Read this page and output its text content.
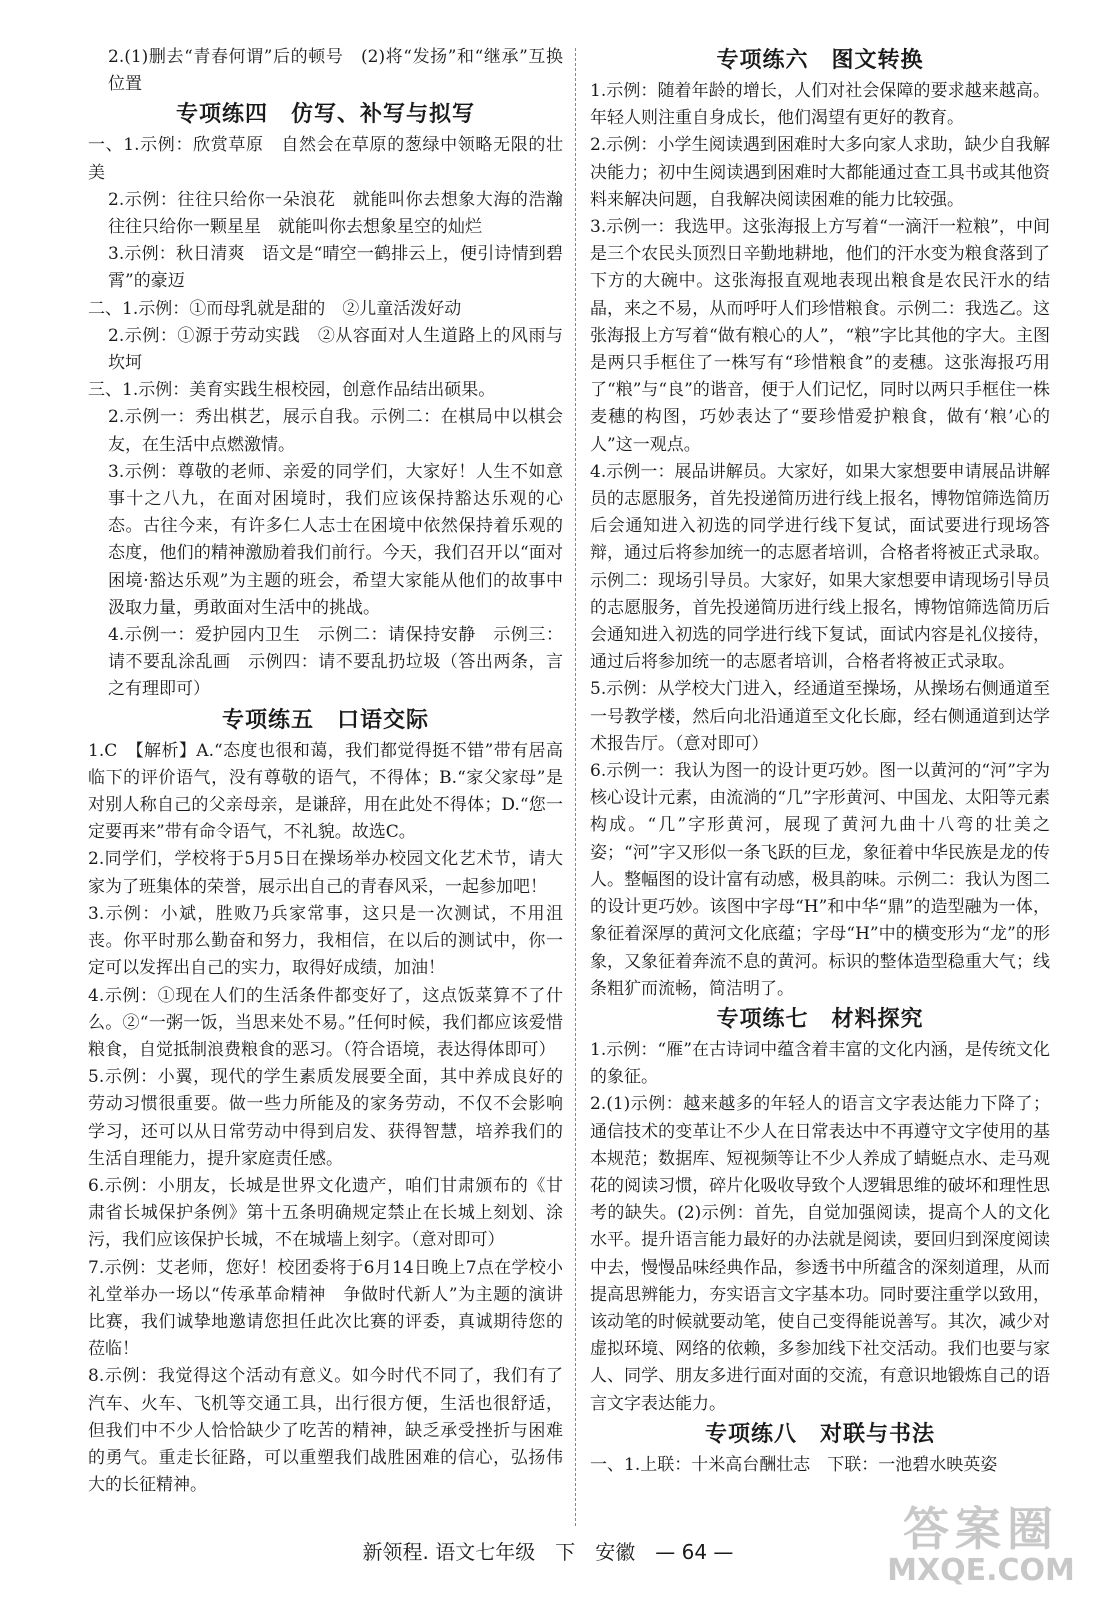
2.(1)删去“青春何谓”后的顿号　(2)将“发扬”和“继承”互换位置
专项练四　仿写、补写与拟写
一、1.示例：欣赏草原　自然会在草原的葱绿中领略无限的壮美
2.示例：往往只给你一朵浪花　就能叫你去想象大海的浩瀚　往往只给你一颗星星　就能叫你去想象星空的灿烂
3.示例：秋日清爽　语文是“晴空一鹤排云上，便引诗情到碧霄”的豪迈
二、1.示例：①而母乳就是甜的　②儿童活泼好动
2.示例：①源于劳动实践　②从容面对人生道路上的风雨与坎坷
三、1.示例：美育实践生根校园，创意作品结出硕果。
2.示例一：秀出棋艺，展示自我。示例二：在棋局中以棋会友，在生活中点燃激情。
3.示例：尊敬的老师、亲爱的同学们，大家好！人生不如意事十之八九，在面对困境时，我们应该保持豁达乐观的心态。古往今来，有许多仁人志士在困境中依然保持着乐观的态度，他们的精神激励着我们前行。今天，我们召开以“面对困境·豁达乐观”为主题的班会，希望大家能从他们的故事中汲取力量，勇敢面对生活中的挑战。
4.示例一：爱护园内卫生　示例二：请保持安静　示例三：请不要乱涂乱画　示例四：请不要乱扔垃圾（答出两条，言之有理即可）
专项练五　口语交际
1.C　【解析】A.“态度也很和蔼，我们都觉得挺不错”带有居高临下的评价语气，没有尊敬的语气，不得体；B.“家父家母”是对别人称自己的父亲母亲，是谦辞，用在此处不得体；D.“您一定要再来”带有命令语气，不礼貌。故选C。
2.同学们，学校将于5月5日在操场举办校园文化艺术节，请大家为了班集体的荣誉，展示出自己的青春风采，一起参加吧！
3.示例：小斌，胜败乃兵家常事，这只是一次测试，不用沮丧。你平时那么勤奋和努力，我相信，在以后的测试中，你一定可以发挥出自己的实力，取得好成绩，加油！
4.示例：①现在人们的生活条件都变好了，这点饭菜算不了什么。②“一粥一饭，当思来处不易。”任何时候，我们都应该爱惜粮食，自觉抵制浪费粮食的恶习。（符合语境，表达得体即可）
5.示例：小翼，现代的学生素质发展要全面，其中养成良好的劳动习惯很重要。做一些力所能及的家务劳动，不仅不会影响学习，还可以从日常劳动中得到启发、获得智慧，培养我们的生活自理能力，提升家庭责任感。
6.示例：小朋友，长城是世界文化遗产，咱们甘肃颁布的《甘肃省长城保护条例》第十五条明确规定禁止在长城上刻划、涂污，我们应该保护长城，不在城墙上刻字。（意对即可）
7.示例：艾老师，您好！校团委将于6月14日晚上7点在学校小礼堂举办一场以“传承革命精神　争做时代新人”为主题的演讲比赛，我们诚挚地邀请您担任此次比赛的评委，真诚期待您的莅临！
8.示例：我觉得这个活动有意义。如今时代不同了，我们有了汽车、火车、飞机等交通工具，出行很方便，生活也很舒适，但我们中不少人恰恰缺少了吃苦的精神，缺乏承受挫折与困难的勇气。重走长征路，可以重塑我们战胜困难的信心，弘扬伟大的长征精神。
专项练六　图文转换
1.示例：随着年龄的增长，人们对社会保障的要求越来越高。年轻人则注重自身成长，他们渴望有更好的教育。
2.示例：小学生阅读遇到困难时大多向家人求助，缺少自我解决能力；初中生阅读遇到困难时大都能通过查工具书或其他资料来解决问题，自我解决阅读困难的能力比较强。
3.示例一：我选甲。这张海报上方写着“一滴汗一粒粮”，中间是三个农民头顶烈日辛勤地耕地，他们的汗水变为粮食落到了下方的大碗中。这张海报直观地表现出粮食是农民汗水的结晶，来之不易，从而呼吁人们珍惜粮食。示例二：我选乙。这张海报上方写着“做有粮心的人”，“粮”字比其他的字大。主图是两只手框住了一株写有“珍惜粮食”的麦穗。这张海报巧用了“粮”与“良”的谐音，便于人们记忆，同时以两只手框住一株麦穗的构图，巧妙表达了“要珍惜爱护粮食，做有‘粮’心的人”这一观点。
4.示例一：展品讲解员。大家好，如果大家想要申请展品讲解员的志愿服务，首先投递简历进行线上报名，博物馆筛选简历后会通知进入初选的同学进行线下复试，面试要进行现场答辩，通过后将参加统一的志愿者培训，合格者将被正式录取。示例二：现场引导员。大家好，如果大家想要申请现场引导员的志愿服务，首先投递简历进行线上报名，博物馆筛选简历后会通知进入初选的同学进行线下复试，面试内容是礼仪接待，通过后将参加统一的志愿者培训，合格者将被正式录取。
5.示例：从学校大门进入，经通道至操场，从操场右侧通道至一号教学楼，然后向北沿通道至文化长廊，经右侧通道到达学术报告厅。（意对即可）
6.示例一：我认为图一的设计更巧妙。图一以黄河的“河”字为核心设计元素，由流淌的“几”字形黄河、中国龙、太阳等元素构成。“几”字形黄河，展现了黄河九曲十八弯的壮美之姿；“河”字又形似一条飞跃的巨龙，象征着中华民族是龙的传人。整幅图的设计富有动感，极具韵味。示例二：我认为图二的设计更巧妙。该图中字母“H”和中华“鼎”的造型融为一体，象征着深厚的黄河文化底蕴；字母“H”中的横变形为“龙”的形象，又象征着奔流不息的黄河。标识的整体造型稳重大气；线条粗犷而流畅，简洁明了。
专项练七　材料探究
1.示例：“雁”在古诗词中蕴含着丰富的文化内涵，是传统文化的象征。
2.(1)示例：越来越多的年轻人的语言文字表达能力下降了；通信技术的变革让不少人在日常表达中不再遵守文字使用的基本规范；数据库、短视频等让不少人养成了蜻蜓点水、走马观花的阅读习惯，碎片化吸收导致个人逻辑思维的破坏和理性思考的缺失。(2)示例：首先，自觉加强阅读，提高个人的文化水平。提升语言能力最好的办法就是阅读，要回归到深度阅读中去，慢慢品味经典作品，参透书中所蕴含的深刻道理，从而提高思辨能力，夯实语言文字基本功。同时要注重学以致用，该动笔的时候就要动笔，使自己变得能说善写。其次，减少对虚拟环境、网络的依赖，多参加线下社交活动。我们也要与家人、同学、朋友多进行面对面的交流，有意识地锻炼自己的语言文字表达能力。
专项练八　对联与书法
一、1.上联：十米高台酬壮志　下联：一池碧水映英姿
新领程. 语文七年级　下　安徽　— 64 —	答案圈
MXQE.COM
